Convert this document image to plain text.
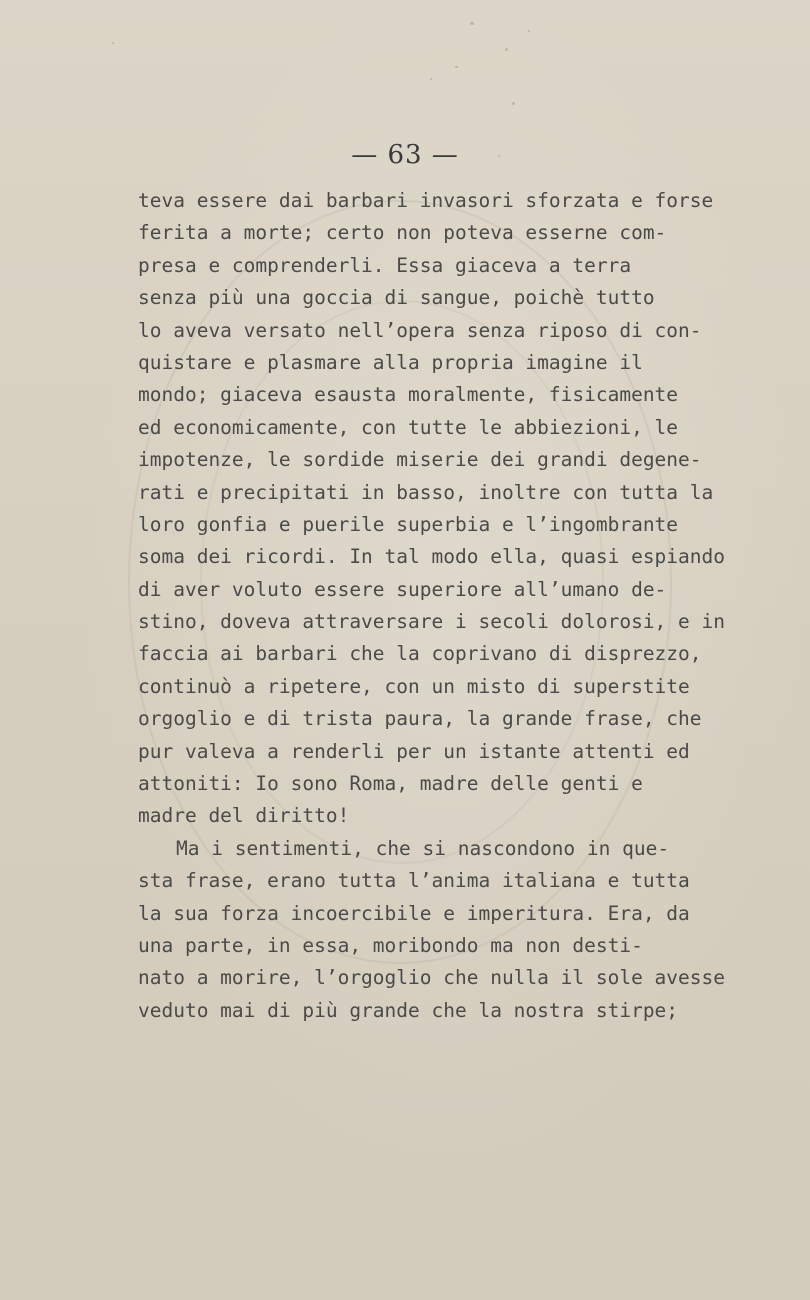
— 63 —
teva essere dai barbari invasori sforzata e forse
ferita a morte; certo non poteva esserne com-
presa e comprenderli. Essa giaceva a terra
senza più una goccia di sangue, poichè tutto
lo aveva versato nell’opera senza riposo di con-
quistare e plasmare alla propria imagine il
mondo; giaceva esausta moralmente, fisicamente
ed economicamente, con tutte le abbiezioni, le
impotenze, le sordide miserie dei grandi degene-
rati e precipitati in basso, inoltre con tutta la
loro gonfia e puerile superbia e l’ingombrante
soma dei ricordi. In tal modo ella, quasi espiando
di aver voluto essere superiore all’umano de-
stino, doveva attraversare i secoli dolorosi, e in
faccia ai barbari che la coprivano di disprezzo,
continuò a ripetere, con un misto di superstite
orgoglio e di trista paura, la grande frase, che
pur valeva a renderli per un istante attenti ed
attoniti: Io sono Roma, madre delle genti e
madre del diritto!
Ma i sentimenti, che si nascondono in que-
sta frase, erano tutta l’anima italiana e tutta
la sua forza incoercibile e imperitura. Era, da
una parte, in essa, moribondo ma non desti-
nato a morire, l’orgoglio che nulla il sole avesse
veduto mai di più grande che la nostra stirpe;
